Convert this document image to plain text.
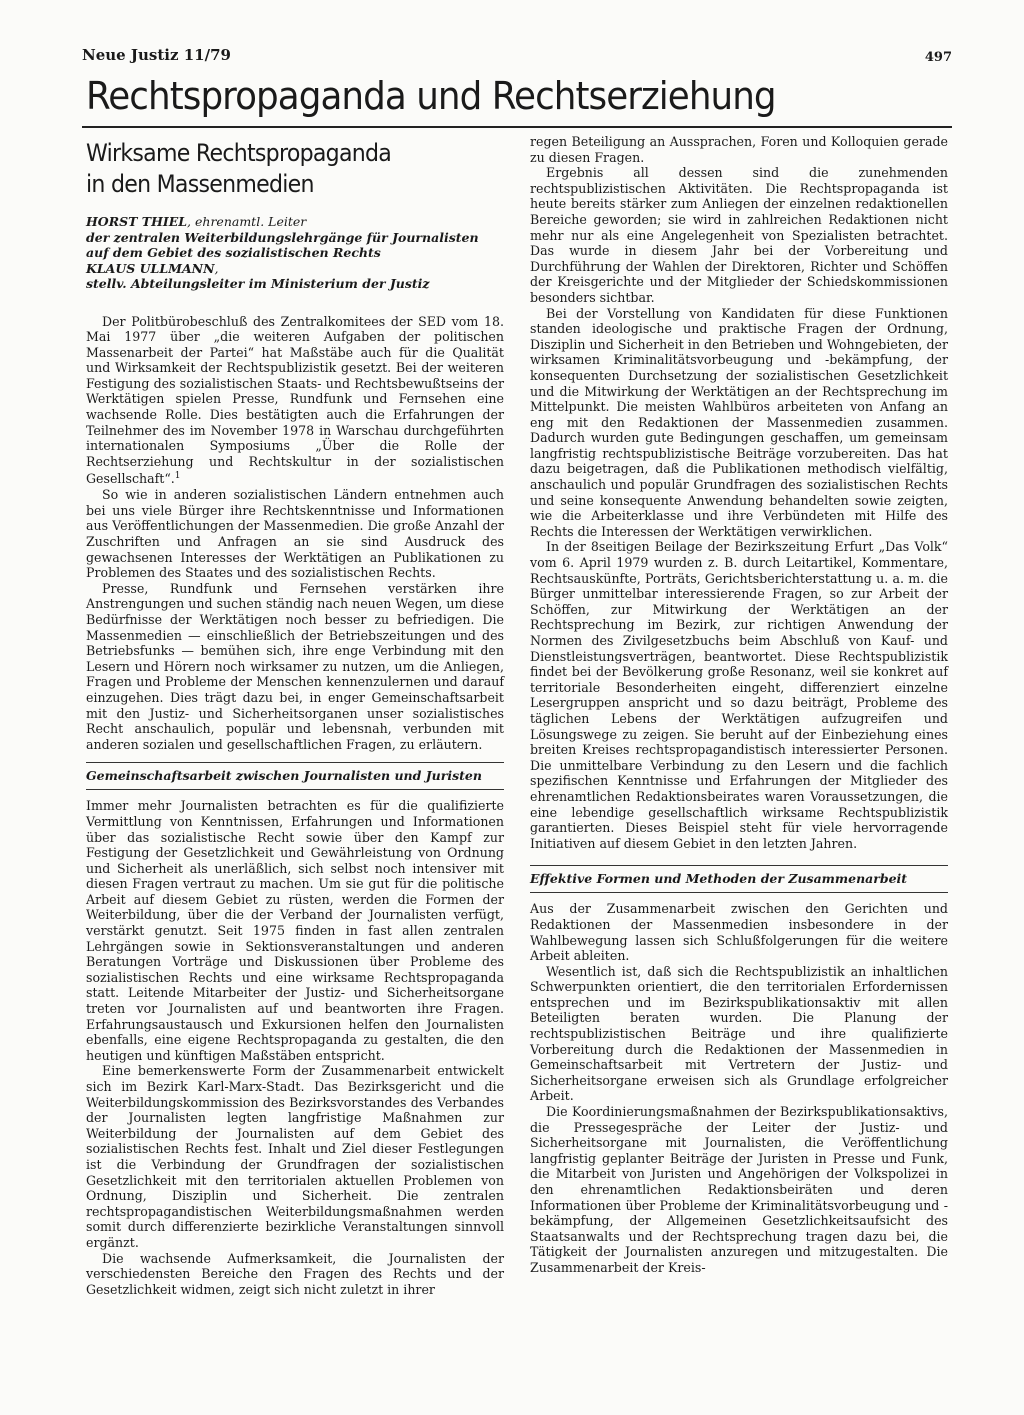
Neue Justiz 11/79	497
Rechtspropaganda und Rechtserziehung
Wirksame Rechtspropaganda
in den Massenmedien
HORST THIEL, ehrenamtl. Leiter
der zentralen Weiterbildungslehrgänge für Journalisten
auf dem Gebiet des sozialistischen Rechts
KLAUS ULLMANN,
stellv. Abteilungsleiter im Ministerium der Justiz

Der Politbürobeschluß des Zentralkomitees der SED vom 18. Mai 1977 über „die weiteren Aufgaben der politischen Massenarbeit der Partei“ hat Maßstäbe auch für die Qualität und Wirksamkeit der Rechtspublizistik gesetzt. Bei der weiteren Festigung des sozialistischen Staats- und Rechtsbewußtseins der Werktätigen spielen Presse, Rundfunk und Fernsehen eine wachsende Rolle. Dies bestätigten auch die Erfahrungen der Teilnehmer des im November 1978 in Warschau durchgeführten internationalen Symposiums „Über die Rolle der Rechtserziehung und Rechtskultur in der sozialistischen Gesellschaft“.$^1$

So wie in anderen sozialistischen Ländern entnehmen auch bei uns viele Bürger ihre Rechtskenntnisse und Informationen aus Veröffentlichungen der Massenmedien. Die große Anzahl der Zuschriften und Anfragen an sie sind Ausdruck des gewachsenen Interesses der Werktätigen an Publikationen zu Problemen des Staates und des sozialistischen Rechts.

Presse, Rundfunk und Fernsehen verstärken ihre Anstrengungen und suchen ständig nach neuen Wegen, um diese Bedürfnisse der Werktätigen noch besser zu befriedigen. Die Massenmedien — einschließlich der Betriebszeitungen und des Betriebsfunks — bemühen sich, ihre enge Verbindung mit den Lesern und Hörern noch wirksamer zu nutzen, um die Anliegen, Fragen und Probleme der Menschen kennenzulernen und darauf einzugehen. Dies trägt dazu bei, in enger Gemeinschaftsarbeit mit den Justiz- und Sicherheitsorganen unser sozialistisches Recht anschaulich, populär und lebensnah, verbunden mit anderen sozialen und gesellschaftlichen Fragen, zu erläutern.

Gemeinschaftsarbeit zwischen Journalisten und Juristen

Immer mehr Journalisten betrachten es für die qualifizierte Vermittlung von Kenntnissen, Erfahrungen und Informationen über das sozialistische Recht sowie über den Kampf zur Festigung der Gesetzlichkeit und Gewährleistung von Ordnung und Sicherheit als unerläßlich, sich selbst noch intensiver mit diesen Fragen vertraut zu machen. Um sie gut für die politische Arbeit auf diesem Gebiet zu rüsten, werden die Formen der Weiterbildung, über die der Verband der Journalisten verfügt, verstärkt genutzt. Seit 1975 finden in fast allen zentralen Lehrgängen sowie in Sektionsveranstaltungen und anderen Beratungen Vorträge und Diskussionen über Probleme des sozialistischen Rechts und eine wirksame Rechtspropaganda statt. Leitende Mitarbeiter der Justiz- und Sicherheitsorgane treten vor Journalisten auf und beantworten ihre Fragen. Erfahrungsaustausch und Exkursionen helfen den Journalisten ebenfalls, eine eigene Rechtspropaganda zu gestalten, die den heutigen und künftigen Maßstäben entspricht.

Eine bemerkenswerte Form der Zusammenarbeit entwickelt sich im Bezirk Karl-Marx-Stadt. Das Bezirksgericht und die Weiterbildungskommission des Bezirksvorstandes des Verbandes der Journalisten legten langfristige Maßnahmen zur Weiterbildung der Journalisten auf dem Gebiet des sozialistischen Rechts fest. Inhalt und Ziel dieser Festlegungen ist die Verbindung der Grundfragen der sozialistischen Gesetzlichkeit mit den territorialen aktuellen Problemen von Ordnung, Disziplin und Sicherheit. Die zentralen rechtspropagandistischen Weiterbildungsmaßnahmen werden somit durch differenzierte bezirkliche Veranstaltungen sinnvoll ergänzt.

Die wachsende Aufmerksamkeit, die Journalisten der verschiedensten Bereiche den Fragen des Rechts und der Gesetzlichkeit widmen, zeigt sich nicht zuletzt in ihrer

regen Beteiligung an Aussprachen, Foren und Kolloquien gerade zu diesen Fragen.

Ergebnis all dessen sind die zunehmenden rechtspublizistischen Aktivitäten. Die Rechtspropaganda ist heute bereits stärker zum Anliegen der einzelnen redaktionellen Bereiche geworden; sie wird in zahlreichen Redaktionen nicht mehr nur als eine Angelegenheit von Spezialisten betrachtet. Das wurde in diesem Jahr bei der Vorbereitung und Durchführung der Wahlen der Direktoren, Richter und Schöffen der Kreisgerichte und der Mitglieder der Schiedskommissionen besonders sichtbar.

Bei der Vorstellung von Kandidaten für diese Funktionen standen ideologische und praktische Fragen der Ordnung, Disziplin und Sicherheit in den Betrieben und Wohngebieten, der wirksamen Kriminalitätsvorbeugung und -bekämpfung, der konsequenten Durchsetzung der sozialistischen Gesetzlichkeit und die Mitwirkung der Werktätigen an der Rechtsprechung im Mittelpunkt. Die meisten Wahlbüros arbeiteten von Anfang an eng mit den Redaktionen der Massenmedien zusammen. Dadurch wurden gute Bedingungen geschaffen, um gemeinsam langfristig rechtspublizistische Beiträge vorzubereiten. Das hat dazu beigetragen, daß die Publikationen methodisch vielfältig, anschaulich und populär Grundfragen des sozialistischen Rechts und seine konsequente Anwendung behandelten sowie zeigten, wie die Arbeiterklasse und ihre Verbündeten mit Hilfe des Rechts die Interessen der Werktätigen verwirklichen.

In der 8seitigen Beilage der Bezirkszeitung Erfurt „Das Volk“ vom 6. April 1979 wurden z. B. durch Leitartikel, Kommentare, Rechtsauskünfte, Porträts, Gerichtsberichterstattung u. a. m. die Bürger unmittelbar interessierende Fragen, so zur Arbeit der Schöffen, zur Mitwirkung der Werktätigen an der Rechtsprechung im Bezirk, zur richtigen Anwendung der Normen des Zivilgesetzbuchs beim Abschluß von Kauf- und Dienstleistungsverträgen, beantwortet. Diese Rechtspublizistik findet bei der Bevölkerung große Resonanz, weil sie konkret auf territoriale Besonderheiten eingeht, differenziert einzelne Lesergruppen anspricht und so dazu beiträgt, Probleme des täglichen Lebens der Werktätigen aufzugreifen und Lösungswege zu zeigen. Sie beruht auf der Einbeziehung eines breiten Kreises rechtspropagandistisch interessierter Personen. Die unmittelbare Verbindung zu den Lesern und die fachlich spezifischen Kenntnisse und Erfahrungen der Mitglieder des ehrenamtlichen Redaktionsbeirates waren Voraussetzungen, die eine lebendige gesellschaftlich wirksame Rechtspublizistik garantierten. Dieses Beispiel steht für viele hervorragende Initiativen auf diesem Gebiet in den letzten Jahren.

Effektive Formen und Methoden der Zusammenarbeit

Aus der Zusammenarbeit zwischen den Gerichten und Redaktionen der Massenmedien insbesondere in der Wahlbewegung lassen sich Schlußfolgerungen für die weitere Arbeit ableiten.

Wesentlich ist, daß sich die Rechtspublizistik an inhaltlichen Schwerpunkten orientiert, die den territorialen Erfordernissen entsprechen und im Bezirkspublikationsaktiv mit allen Beteiligten beraten wurden. Die Planung der rechtspublizistischen Beiträge und ihre qualifizierte Vorbereitung durch die Redaktionen der Massenmedien in Gemeinschaftsarbeit mit Vertretern der Justiz- und Sicherheitsorgane erweisen sich als Grundlage erfolgreicher Arbeit.

Die Koordinierungsmaßnahmen der Bezirkspublikationsaktivs, die Pressegespräche der Leiter der Justiz- und Sicherheitsorgane mit Journalisten, die Veröffentlichung langfristig geplanter Beiträge der Juristen in Presse und Funk, die Mitarbeit von Juristen und Angehörigen der Volkspolizei in den ehrenamtlichen Redaktionsbeiräten und deren Informationen über Probleme der Kriminalitätsvorbeugung und -bekämpfung, der Allgemeinen Gesetzlichkeitsaufsicht des Staatsanwalts und der Rechtsprechung tragen dazu bei, die Tätigkeit der Journalisten anzuregen und mitzugestalten. Die Zusammenarbeit der Kreis-
